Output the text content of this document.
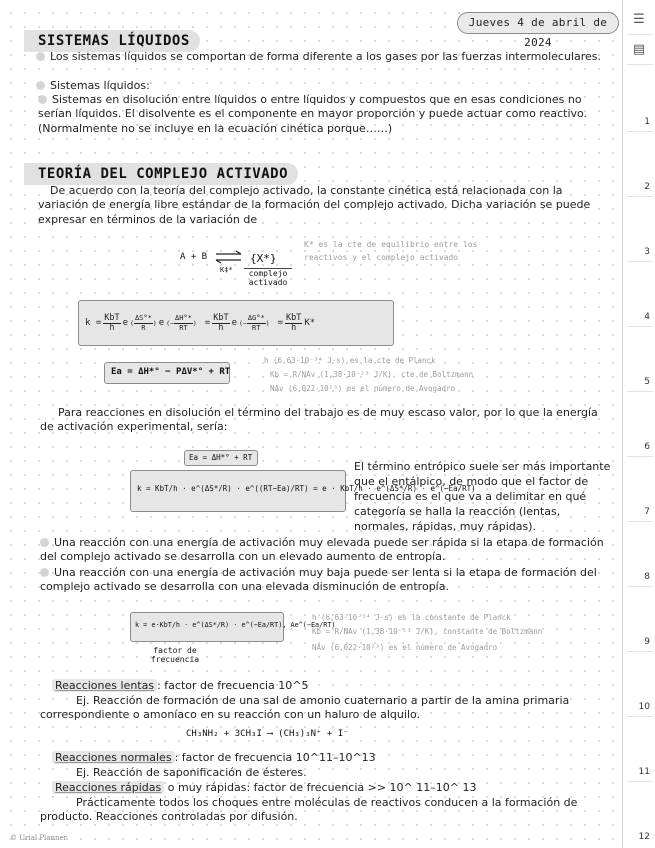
Jueves 4 de abril de 2024
SISTEMAS LÍQUIDOS
Los sistemas líquidos se comportan de forma diferente a los gases por las fuerzas intermoleculares.
Sistemas líquidos:
Sistemas en disolución entre líquidos o entre líquidos y compuestos que en esas condiciones no serían líquidos. El disolvente es el componente en mayor proporción y puede actuar como reactivo. (Normalmente no se incluye en la ecuación cinética porque……)
TEORÍA DEL COMPLEJO ACTIVADO
De acuerdo con la teoría del complejo activado, la constante cinética está relacionada con la variación de energía libre estándar de la formación del complejo activado. Dicha variación se puede expresar en términos de la variación de
A + B ⇌ {X*}
K‡*	complejo activado
K* es la cte de equilibrio entre los reactivos y el complejo activado
$k = \frac{\text{KbT}}{h}$ e ( $\frac{\Delta S^\circ*}{R}$ ) e (− $\frac{\Delta H^\circ*}{RT}$ ) = $\frac{\text{KbT}}{h}$ e (− $\frac{\Delta G^\circ*}{RT}$ ) = $\frac{\text{KbT}}{h} K*$
Ea = ΔH*° − PΔV*° + RT
h (6,63·10⁻³⁴ J·s) es la cte de Planck
Kb = R/NAv (1,38·10⁻²³ J/K), cte de Boltzmann
NAv (6,022·10²³) es el número de Avogadro
Para reacciones en disolución el término del trabajo es de muy escaso valor, por lo que la energía de activación experimental, sería:
Ea = ΔH*° + RT
k = KbT/h · e^(ΔS*/R) · e^((RT−Ea)/RT) = e · KbT/h · e^(ΔS*/R) · e^(−Ea/RT)
El término entrópico suele ser más importante que el entálpico, de modo que el factor de frecuencia es el que va a delimitar en qué categoría se halla la reacción (lentas, normales, rápidas, muy rápidas).
Una reacción con una energía de activación muy elevada puede ser rápida si la etapa de formación del complejo activado se desarrolla con un elevado aumento de entropía.
Una reacción con una energía de activación muy baja puede ser lenta si la etapa de formación del complejo activado se desarrolla con una elevada disminución de entropía.
k = e·KbT/h · e^(ΔS*/R) · e^(−Ea/RT), Ae^(−Ea/RT)
factor de frecuencia
h (6,63·10⁻³⁴ J·s) es la constante de Planck
Kb = R/NAv (1,38·10⁻²³ J/K), constante de Boltzmann
NAv (6,022·10²³) es el número de Avogadro
Reacciones lentas : factor de frecuencia 10^5
Ej. Reacción de formación de una sal de amonio cuaternario a partir de la amina primaria correspondiente o amoníaco en su reacción con un haluro de alquilo.
CH₃NH₂ + 3CH₃I ⟶ (CH₃)₃N⁺ + I⁻
Reacciones normales : factor de frecuencia 10^11–10^13
Ej. Reacción de saponificación de ésteres.
Reacciones rápidas o muy rápidas: factor de frecuencia >> 10^ 11–10^ 13
Prácticamente todos los choques entre moléculas de reactivos conducen a la formación de producto. Reacciones controladas por difusión.
© Urial Planner
☰
▤
1
2
3
4
5
6
7
8
9
10
11
12
